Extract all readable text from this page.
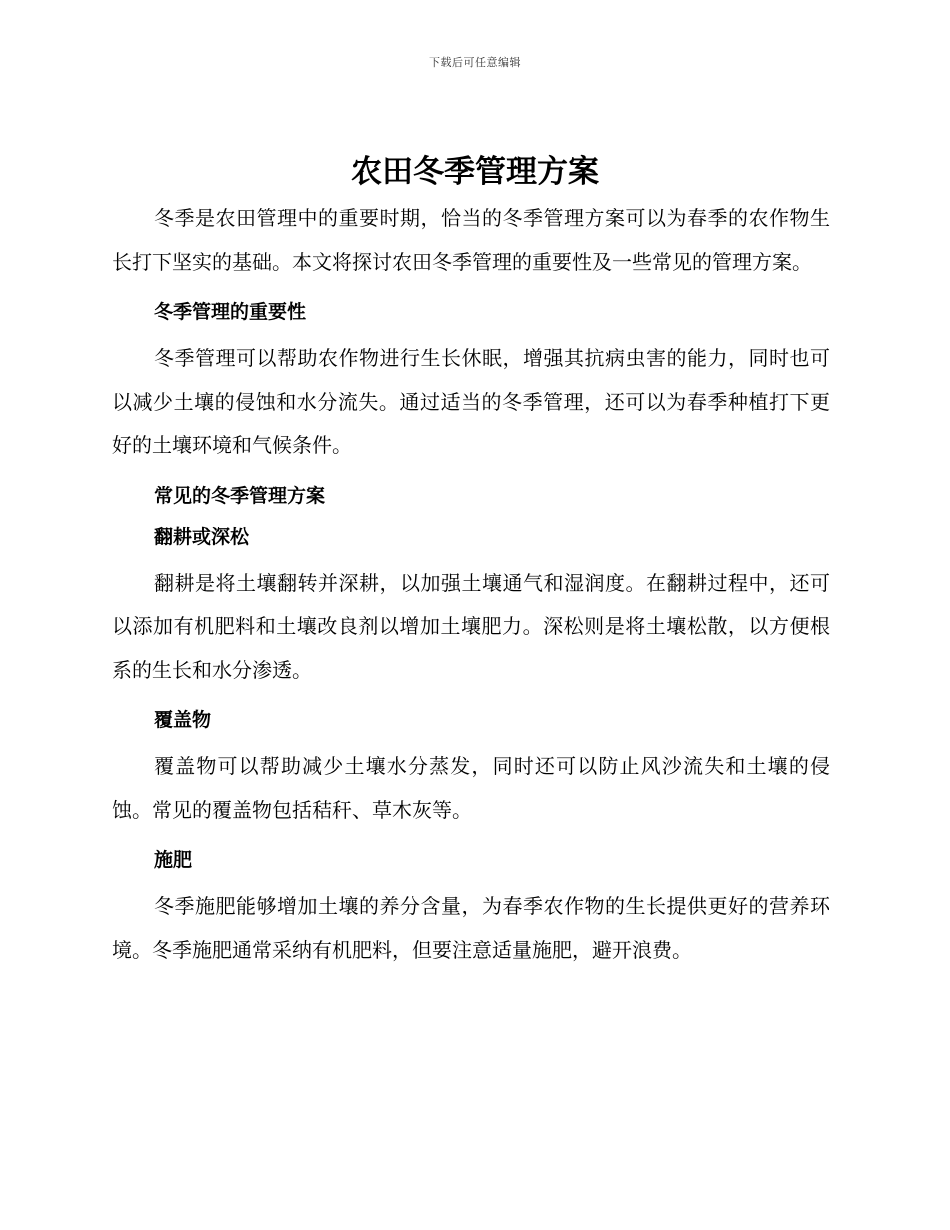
下载后可任意编辑
农田冬季管理方案

冬季是农田管理中的重要时期，恰当的冬季管理方案可以为春季的农作物生长打下坚实的基础。本文将探讨农田冬季管理的重要性及一些常见的管理方案。

冬季管理的重要性

冬季管理可以帮助农作物进行生长休眠，增强其抗病虫害的能力，同时也可以减少土壤的侵蚀和水分流失。通过适当的冬季管理，还可以为春季种植打下更好的土壤环境和气候条件。

常见的冬季管理方案

翻耕或深松

翻耕是将土壤翻转并深耕，以加强土壤通气和湿润度。在翻耕过程中，还可以添加有机肥料和土壤改良剂以增加土壤肥力。深松则是将土壤松散，以方便根系的生长和水分渗透。

覆盖物

覆盖物可以帮助减少土壤水分蒸发，同时还可以防止风沙流失和土壤的侵蚀。常见的覆盖物包括秸秆、草木灰等。

施肥

冬季施肥能够增加土壤的养分含量，为春季农作物的生长提供更好的营养环境。冬季施肥通常采纳有机肥料，但要注意适量施肥，避开浪费。
